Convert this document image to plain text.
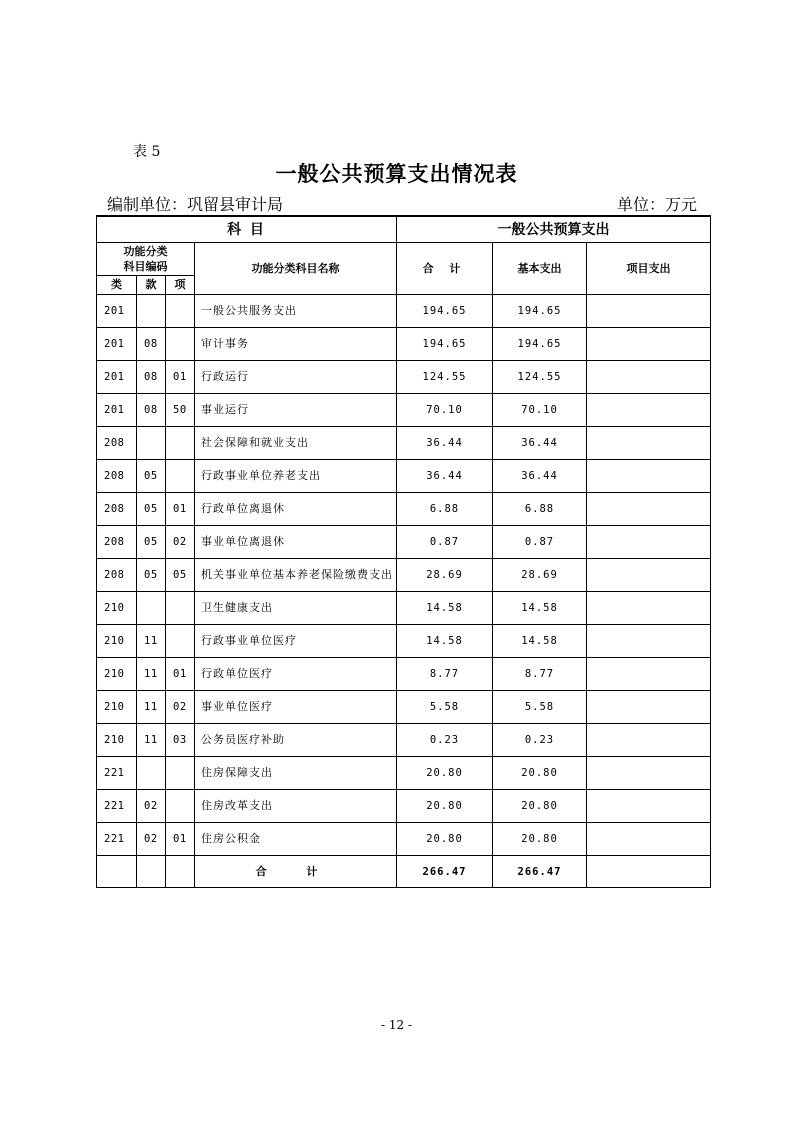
表 5
一般公共预算支出情况表
编制单位：巩留县审计局	单位：万元
科 目				一般公共预算支出		

功能分类
科目编码			功能分类科目名称	合 计	基本支出	项目支出
类	款	项				
201			一般公共服务支出	194.65	194.65	
201	08		审计事务	194.65	194.65	
201	08	01	行政运行	124.55	124.55	
201	08	50	事业运行	70.10	70.10	
208			社会保障和就业支出	36.44	36.44	
208	05		行政事业单位养老支出	36.44	36.44	
208	05	01	行政单位离退休	6.88	6.88	
208	05	02	事业单位离退休	0.87	0.87	
208	05	05	机关事业单位基本养老保险缴费支出	28.69	28.69	
210			卫生健康支出	14.58	14.58	
210	11		行政事业单位医疗	14.58	14.58	
210	11	01	行政单位医疗	8.77	8.77	
210	11	02	事业单位医疗	5.58	5.58	
210	11	03	公务员医疗补助	0.23	0.23	
221			住房保障支出	20.80	20.80	
221	02		住房改革支出	20.80	20.80	
221	02	01	住房公积金	20.80	20.80	
			合 计	266.47	266.47	
- 12 -
